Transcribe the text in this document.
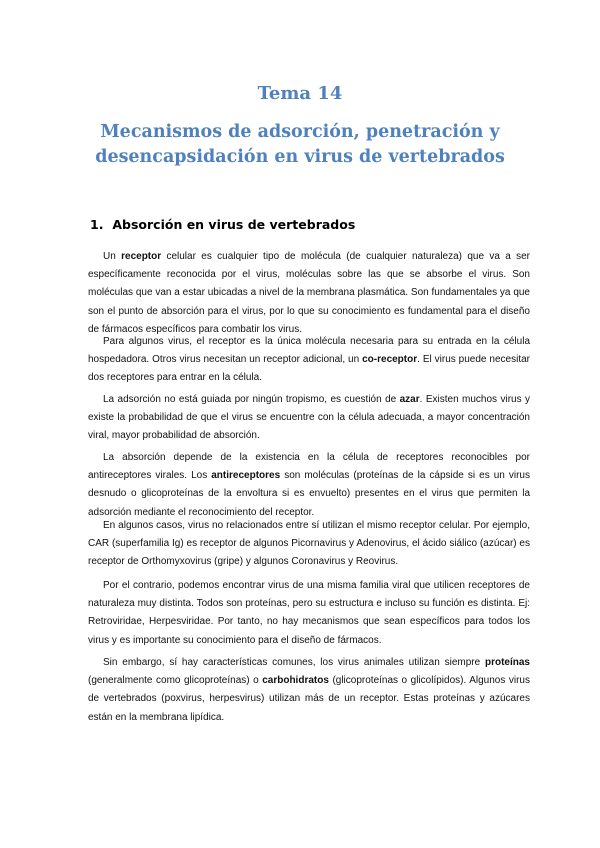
Tema 14
Mecanismos de adsorción, penetración y
desencapsidación en virus de vertebrados
1. Absorción en virus de vertebrados

Un receptor celular es cualquier tipo de molécula (de cualquier naturaleza) que va a ser específicamente reconocida por el virus, moléculas sobre las que se absorbe el virus. Son moléculas que van a estar ubicadas a nivel de la membrana plasmática. Son fundamentales ya que son el punto de absorción para el virus, por lo que su conocimiento es fundamental para el diseño de fármacos específicos para combatir los virus.

Para algunos virus, el receptor es la única molécula necesaria para su entrada en la célula hospedadora. Otros virus necesitan un receptor adicional, un co-receptor. El virus puede necesitar dos receptores para entrar en la célula.

La adsorción no está guiada por ningún tropismo, es cuestión de azar. Existen muchos virus y existe la probabilidad de que el virus se encuentre con la célula adecuada, a mayor concentración viral, mayor probabilidad de absorción.

La absorción depende de la existencia en la célula de receptores reconocibles por antireceptores virales. Los antireceptores son moléculas (proteínas de la cápside si es un virus desnudo o glicoproteínas de la envoltura si es envuelto) presentes en el virus que permiten la adsorción mediante el reconocimiento del receptor.

En algunos casos, virus no relacionados entre sí utilizan el mismo receptor celular. Por ejemplo, CAR (superfamilia Ig) es receptor de algunos Picornavirus y Adenovirus, el ácido siálico (azúcar) es receptor de Orthomyxovirus (gripe) y algunos Coronavirus y Reovirus.

Por el contrario, podemos encontrar virus de una misma familia viral que utilicen receptores de naturaleza muy distinta. Todos son proteínas, pero su estructura e incluso su función es distinta. Ej: Retroviridae, Herpesviridae. Por tanto, no hay mecanismos que sean específicos para todos los virus y es importante su conocimiento para el diseño de fármacos.

Sin embargo, sí hay características comunes, los virus animales utilizan siempre proteínas (generalmente como glicoproteínas) o carbohidratos (glicoproteínas o glicolípidos). Algunos virus de vertebrados (poxvirus, herpesvirus) utilizan más de un receptor. Estas proteínas y azúcares están en la membrana lipídica.
